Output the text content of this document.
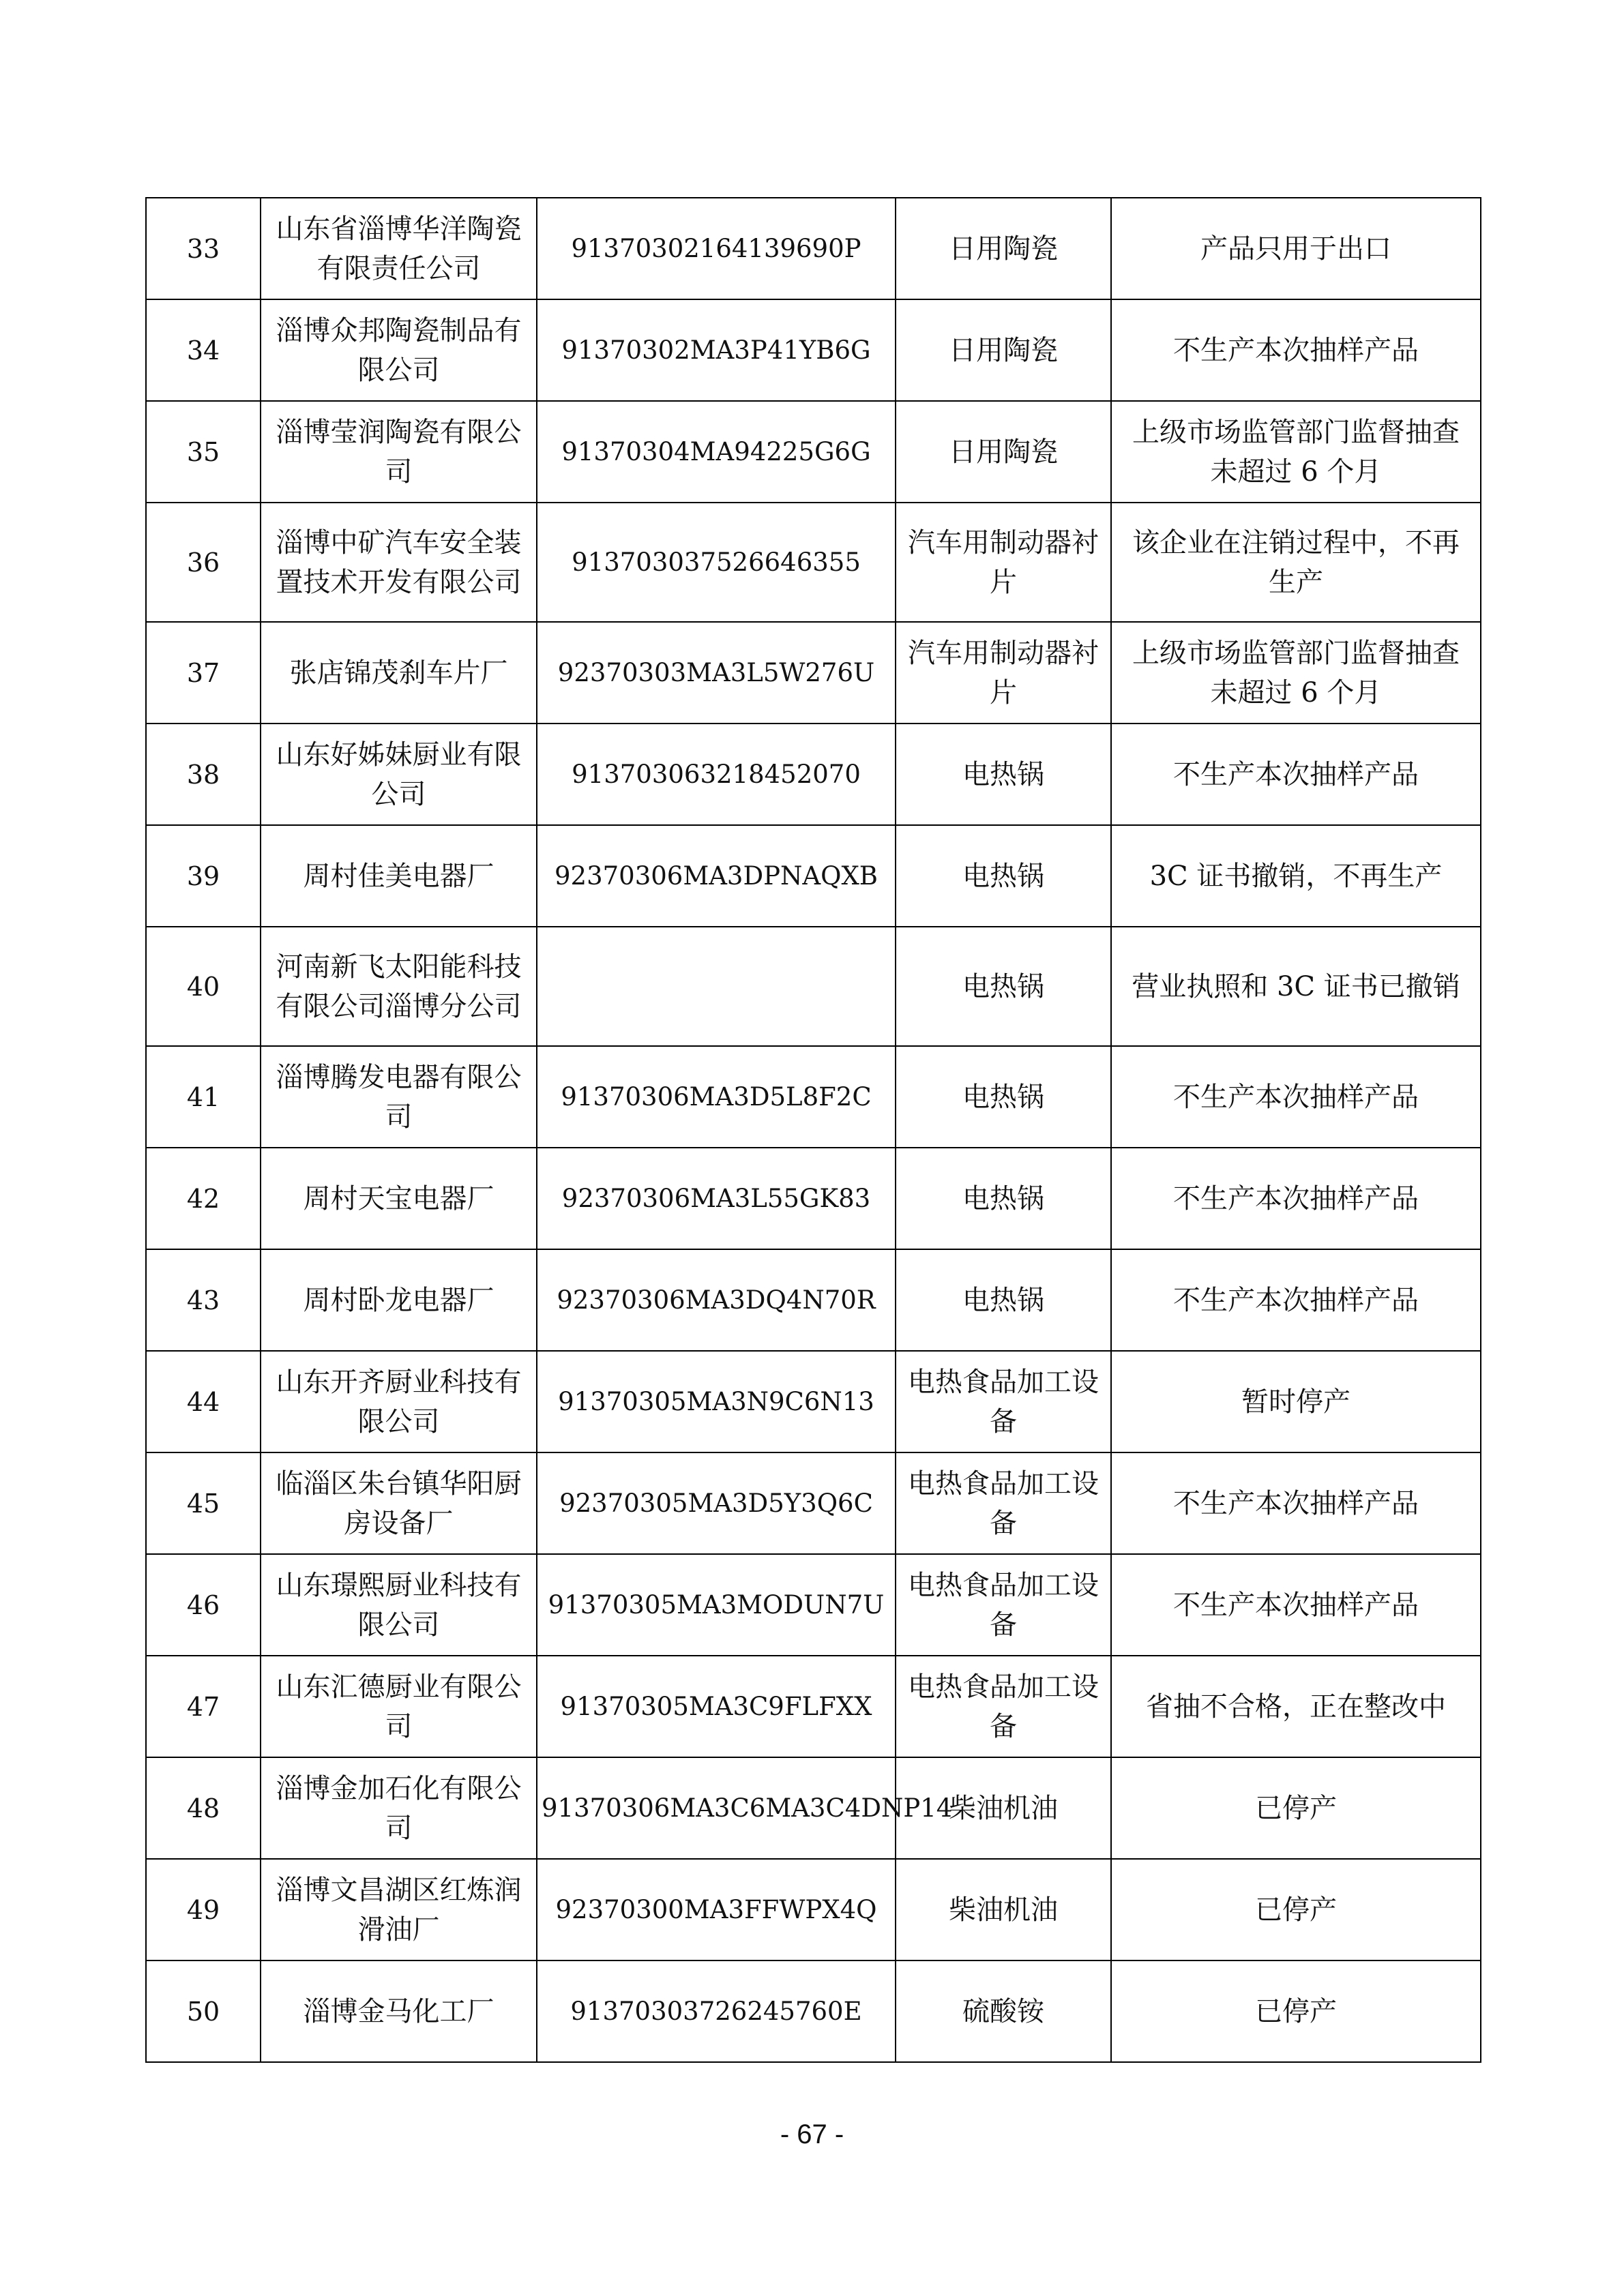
33	山东省淄博华洋陶瓷有限责任公司	91370302164139690P	日用陶瓷	产品只用于出口
34	淄博众邦陶瓷制品有限公司	91370302MA3P41YB6G	日用陶瓷	不生产本次抽样产品
35	淄博莹润陶瓷有限公司	91370304MA94225G6G	日用陶瓷	上级市场监管部门监督抽查未超过 6 个月
36	淄博中矿汽车安全装置技术开发有限公司	913703037526646355	汽车用制动器衬片	该企业在注销过程中，不再生产
37	张店锦茂刹车片厂	92370303MA3L5W276U	汽车用制动器衬片	上级市场监管部门监督抽查未超过 6 个月
38	山东好姊妹厨业有限公司	913703063218452070	电热锅	不生产本次抽样产品
39	周村佳美电器厂	92370306MA3DPNAQXB	电热锅	3C 证书撤销，不再生产
40	河南新飞太阳能科技有限公司淄博分公司		电热锅	营业执照和 3C 证书已撤销
41	淄博腾发电器有限公司	91370306MA3D5L8F2C	电热锅	不生产本次抽样产品
42	周村天宝电器厂	92370306MA3L55GK83	电热锅	不生产本次抽样产品
43	周村卧龙电器厂	92370306MA3DQ4N70R	电热锅	不生产本次抽样产品
44	山东开齐厨业科技有限公司	91370305MA3N9C6N13	电热食品加工设备	暂时停产
45	临淄区朱台镇华阳厨房设备厂	92370305MA3D5Y3Q6C	电热食品加工设备	不生产本次抽样产品
46	山东璟熙厨业科技有限公司	91370305MA3MODUN7U	电热食品加工设备	不生产本次抽样产品
47	山东汇德厨业有限公司	91370305MA3C9FLFXX	电热食品加工设备	省抽不合格，正在整改中
48	淄博金加石化有限公司	91370306MA3C6MA3C4DNP14	柴油机油	已停产
49	淄博文昌湖区红炼润滑油厂	92370300MA3FFWPX4Q	柴油机油	已停产
50	淄博金马化工厂	91370303726245760E	硫酸铵	已停产
- 67 -
